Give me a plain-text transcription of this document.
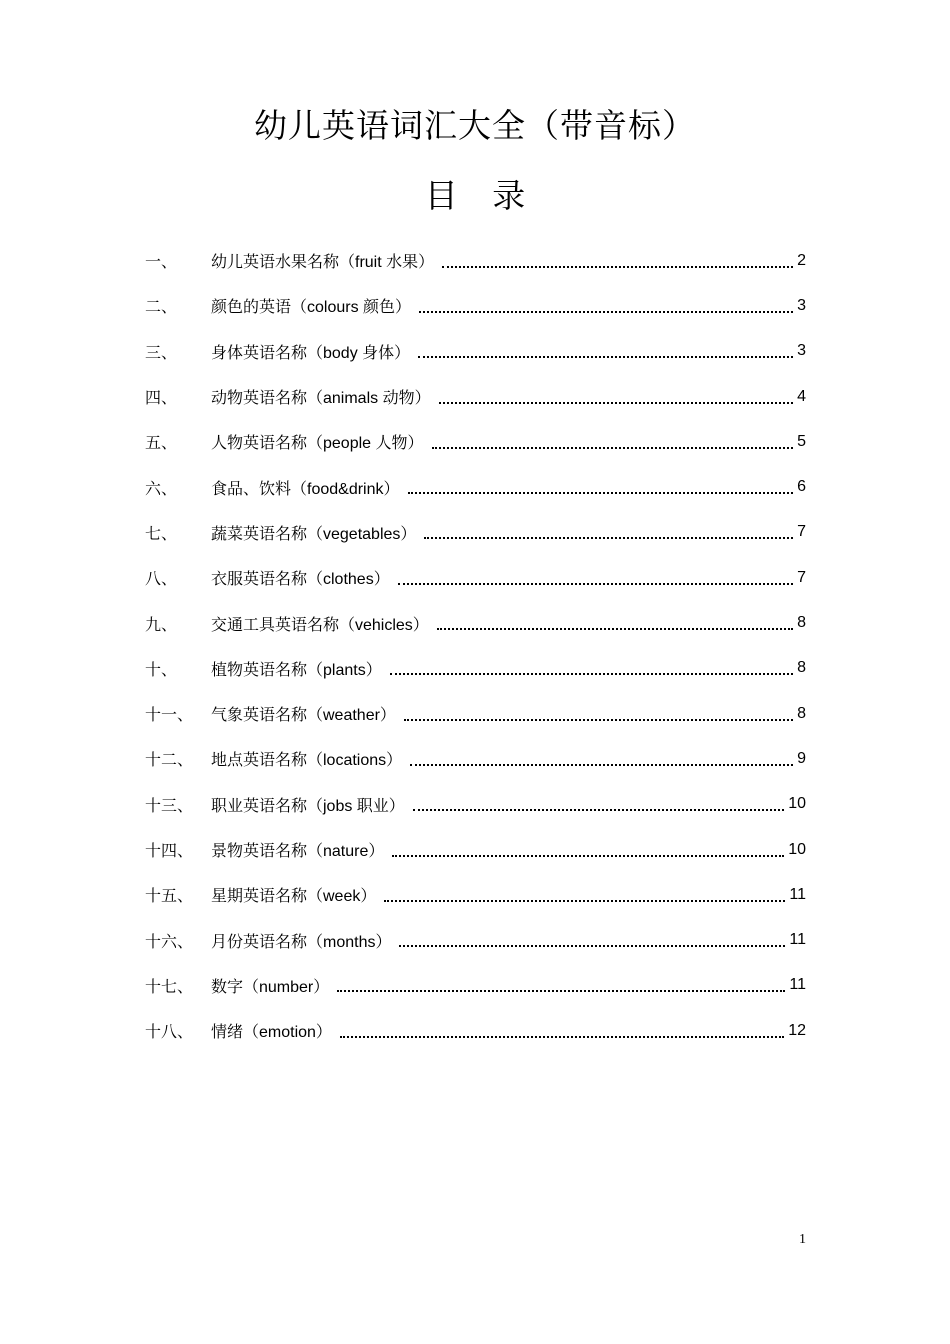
幼儿英语词汇大全（带音标）
目 录
一、	幼儿英语水果名称（fruit 水果）	2
二、	颜色的英语（colours 颜色）	3
三、	身体英语名称（body 身体）	3
四、	动物英语名称（animals 动物）	4
五、	人物英语名称（people 人物）	5
六、	食品、饮料（food&drink）	6
七、	蔬菜英语名称（vegetables）	7
八、	衣服英语名称（clothes）	7
九、	交通工具英语名称（vehicles）	8
十、	植物英语名称（plants）	8
十一、	气象英语名称（weather）	8
十二、	地点英语名称（locations）	9
十三、	职业英语名称（jobs 职业）	10
十四、	景物英语名称（nature）	10
十五、	星期英语名称（week）	11
十六、	月份英语名称（months）	11
十七、	数字（number）	11
十八、	情绪（emotion）	12
1
